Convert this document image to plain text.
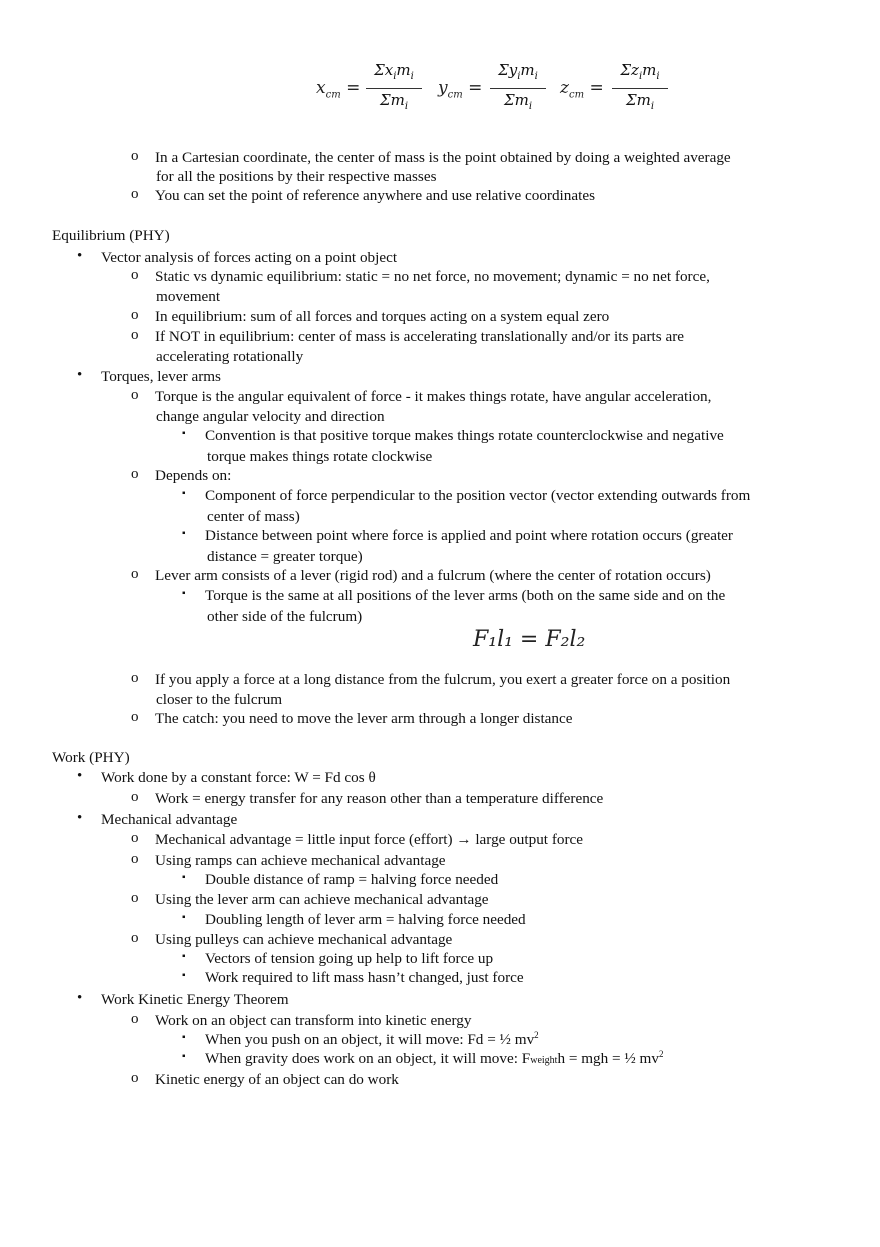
$x_{cm}$ =
$\Sigma x_im_i$
$\Sigma m_i$
$y_{cm}$ =
$\Sigma y_im_i$
$\Sigma m_i$
$z_{cm}$ =
$\Sigma z_im_i$
$\Sigma m_i$
o In a Cartesian coordinate, the center of mass is the point obtained by doing a weighted average
for all the positions by their respective masses
o You can set the point of reference anywhere and use relative coordinates
Equilibrium (PHY)
• Vector analysis of forces acting on a point object
o Static vs dynamic equilibrium: static = no net force, no movement; dynamic = no net force,
movement
o In equilibrium: sum of all forces and torques acting on a system equal zero
o If NOT in equilibrium: center of mass is accelerating translationally and/or its parts are
accelerating rotationally
• Torques, lever arms
o Torque is the angular equivalent of force - it makes things rotate, have angular acceleration,
change angular velocity and direction
▪ Convention is that positive torque makes things rotate counterclockwise and negative
torque makes things rotate clockwise
o Depends on:
▪ Component of force perpendicular to the position vector (vector extending outwards from
center of mass)
▪ Distance between point where force is applied and point where rotation occurs (greater
distance = greater torque)
o Lever arm consists of a lever (rigid rod) and a fulcrum (where the center of rotation occurs)
▪ Torque is the same at all positions of the lever arms (both on the same side and on the
other side of the fulcrum)
F₁l₁ = F₂l₂
o If you apply a force at a long distance from the fulcrum, you exert a greater force on a position
closer to the fulcrum
o The catch: you need to move the lever arm through a longer distance
Work (PHY)
• Work done by a constant force: W = Fd cos θ
o Work = energy transfer for any reason other than a temperature difference
• Mechanical advantage
o Mechanical advantage = little input force (effort) → large output force
o Using ramps can achieve mechanical advantage
▪ Double distance of ramp = halving force needed
o Using the lever arm can achieve mechanical advantage
▪ Doubling length of lever arm = halving force needed
o Using pulleys can achieve mechanical advantage
▪ Vectors of tension going up help to lift force up
▪ Work required to lift mass hasn’t changed, just force
• Work Kinetic Energy Theorem
o Work on an object can transform into kinetic energy
▪ When you push on an object, it will move: Fd = ½ $mv^2$
▪ When gravity does work on an object, it will move: Fweighth = mgh = ½ $mv^2$
o Kinetic energy of an object can do work
